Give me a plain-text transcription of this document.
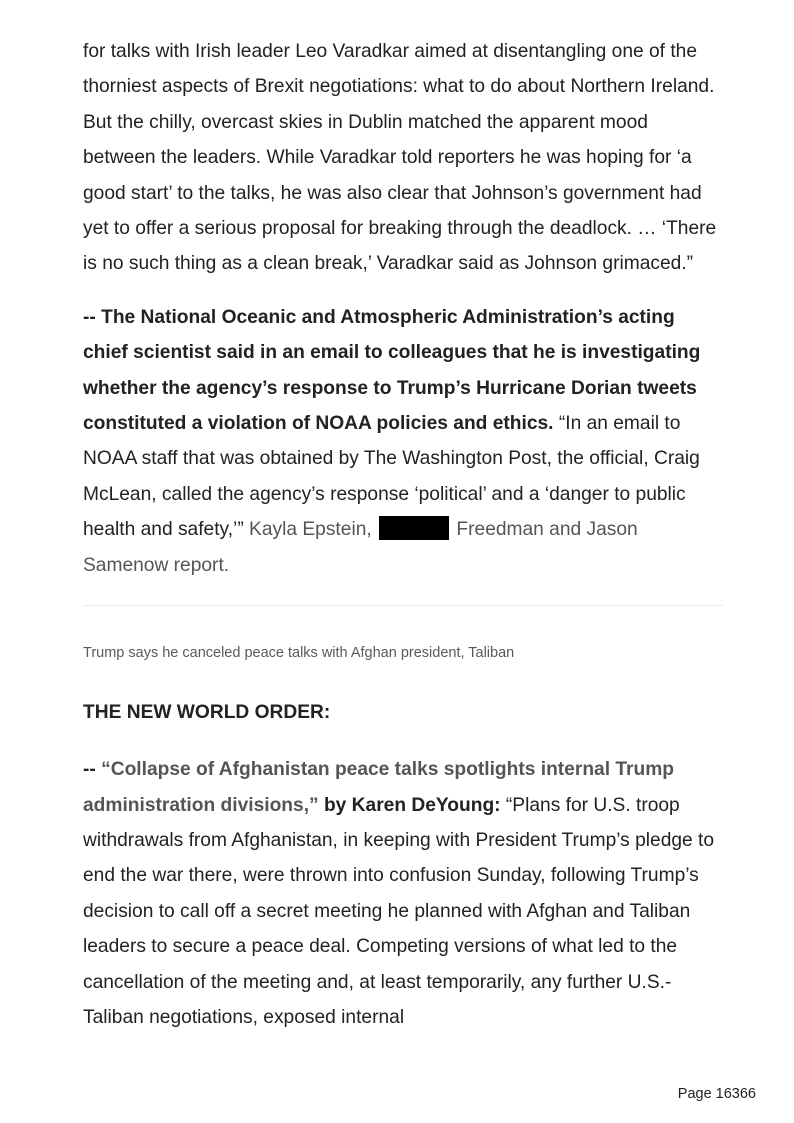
for talks with Irish leader Leo Varadkar aimed at disentangling one of the thorniest aspects of Brexit negotiations: what to do about Northern Ireland. But the chilly, overcast skies in Dublin matched the apparent mood between the leaders. While Varadkar told reporters he was hoping for ‘a good start’ to the talks, he was also clear that Johnson’s government had yet to offer a serious proposal for breaking through the deadlock. … ‘There is no such thing as a clean break,’ Varadkar said as Johnson grimaced.”

-- The National Oceanic and Atmospheric Administration’s acting chief scientist said in an email to colleagues that he is investigating whether the agency’s response to Trump’s Hurricane Dorian tweets constituted a violation of NOAA policies and ethics. “In an email to NOAA staff that was obtained by The Washington Post, the official, Craig McLean, called the agency’s response ‘political’ and a ‘danger to public health and safety,’” Kayla Epstein,	Freedman and Jason Samenow report.

Trump says he canceled peace talks with Afghan president, Taliban
THE NEW WORLD ORDER:

-- “Collapse of Afghanistan peace talks spotlights internal Trump administration divisions,” by Karen DeYoung: “Plans for U.S. troop withdrawals from Afghanistan, in keeping with President Trump’s pledge to end the war there, were thrown into confusion Sunday, following Trump’s decision to call off a secret meeting he planned with Afghan and Taliban leaders to secure a peace deal. Competing versions of what led to the cancellation of the meeting and, at least temporarily, any further U.S.-Taliban negotiations, exposed internal

Page 16366
